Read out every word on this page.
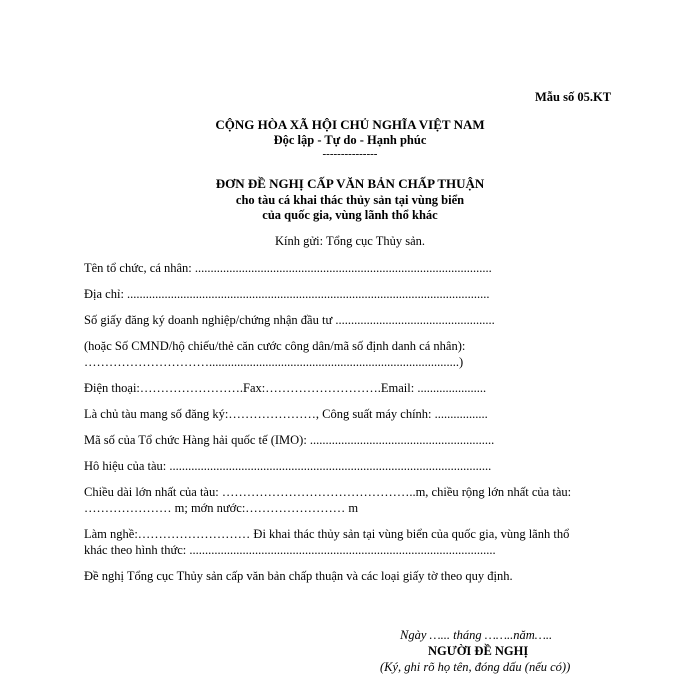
Mẫu số 05.KT
CỘNG HÒA XÃ HỘI CHỦ NGHĨA VIỆT NAM
Độc lập - Tự do - Hạnh phúc
---------------
ĐƠN ĐỀ NGHỊ CẤP VĂN BẢN CHẤP THUẬN
cho tàu cá khai thác thủy sản tại vùng biển
của quốc gia, vùng lãnh thổ khác
Kính gửi: Tổng cục Thủy sản.
Tên tổ chức, cá nhân: ...............................................................................................
Địa chỉ: ....................................................................................................................
Số giấy đăng ký doanh nghiệp/chứng nhận đầu tư ...................................................
(hoặc Số CMND/hộ chiếu/thẻ căn cước công dân/mã số định danh cá nhân):
…………………………................................................................................)
Điện thoại:…………………….Fax:……………………….Email: ......................
Là chủ tàu mang số đăng ký:…………………, Công suất máy chính: .................
Mã số của Tổ chức Hàng hải quốc tế (IMO): ...........................................................
Hô hiệu của tàu: .......................................................................................................
Chiều dài lớn nhất của tàu: ………………………………………..m, chiều rộng lớn nhất của tàu:
………………… m; mớn nước:…………………… m
Làm nghề:……………………… Đi khai thác thủy sản tại vùng biển của quốc gia, vùng lãnh thổ
khác theo hình thức: ..................................................................................................
Đề nghị Tổng cục Thủy sản cấp văn bản chấp thuận và các loại giấy tờ theo quy định.
Ngày …... tháng ……..năm…..
NGƯỜI ĐỀ NGHỊ
(Ký, ghi rõ họ tên, đóng dấu (nếu có))
